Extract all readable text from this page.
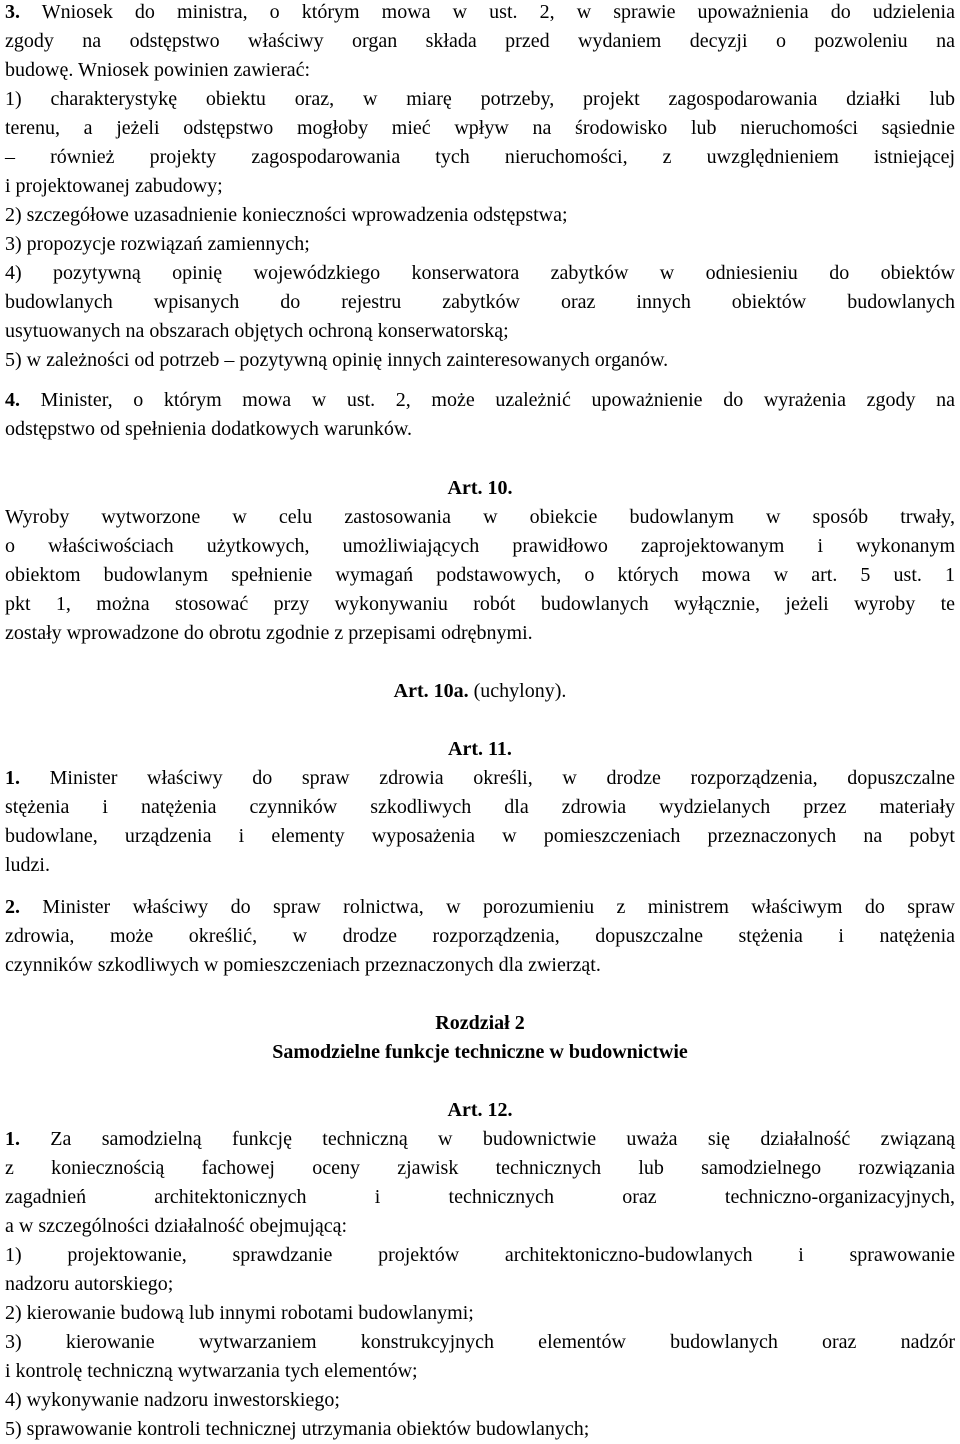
3. Wniosek do ministra, o którym mowa w ust. 2, w sprawie upoważnienia do udzielenia
zgody na odstępstwo właściwy organ składa przed wydaniem decyzji o pozwoleniu na
budowę. Wniosek powinien zawierać:
1) charakterystykę obiektu oraz, w miarę potrzeby, projekt zagospodarowania działki lub
terenu, a jeżeli odstępstwo mogłoby mieć wpływ na środowisko lub nieruchomości sąsiednie
– również projekty zagospodarowania tych nieruchomości, z uwzględnieniem istniejącej
i projektowanej zabudowy;
2) szczegółowe uzasadnienie konieczności wprowadzenia odstępstwa;
3) propozycje rozwiązań zamiennych;
4) pozytywną opinię wojewódzkiego konserwatora zabytków w odniesieniu do obiektów
budowlanych wpisanych do rejestru zabytków oraz innych obiektów budowlanych
usytuowanych na obszarach objętych ochroną konserwatorską;
5) w zależności od potrzeb – pozytywną opinię innych zainteresowanych organów.
4. Minister, o którym mowa w ust. 2, może uzależnić upoważnienie do wyrażenia zgody na
odstępstwo od spełnienia dodatkowych warunków.
Art. 10.
Wyroby wytworzone w celu zastosowania w obiekcie budowlanym w sposób trwały,
o właściwościach użytkowych, umożliwiających prawidłowo zaprojektowanym i wykonanym
obiektom budowlanym spełnienie wymagań podstawowych, o których mowa w art. 5 ust. 1
pkt 1, można stosować przy wykonywaniu robót budowlanych wyłącznie, jeżeli wyroby te
zostały wprowadzone do obrotu zgodnie z przepisami odrębnymi.
Art. 10a. (uchylony).
Art. 11.
1. Minister właściwy do spraw zdrowia określi, w drodze rozporządzenia, dopuszczalne
stężenia i natężenia czynników szkodliwych dla zdrowia wydzielanych przez materiały
budowlane, urządzenia i elementy wyposażenia w pomieszczeniach przeznaczonych na pobyt
ludzi.
2. Minister właściwy do spraw rolnictwa, w porozumieniu z ministrem właściwym do spraw
zdrowia, może określić, w drodze rozporządzenia, dopuszczalne stężenia i natężenia
czynników szkodliwych w pomieszczeniach przeznaczonych dla zwierząt.
Rozdział 2
Samodzielne funkcje techniczne w budownictwie
Art. 12.
1. Za samodzielną funkcję techniczną w budownictwie uważa się działalność związaną
z koniecznością fachowej oceny zjawisk technicznych lub samodzielnego rozwiązania
zagadnień architektonicznych i technicznych oraz techniczno-organizacyjnych,
a w szczególności działalność obejmującą:
1) projektowanie, sprawdzanie projektów architektoniczno-budowlanych i sprawowanie
nadzoru autorskiego;
2) kierowanie budową lub innymi robotami budowlanymi;
3) kierowanie wytwarzaniem konstrukcyjnych elementów budowlanych oraz nadzór
i kontrolę techniczną wytwarzania tych elementów;
4) wykonywanie nadzoru inwestorskiego;
5) sprawowanie kontroli technicznej utrzymania obiektów budowlanych;
